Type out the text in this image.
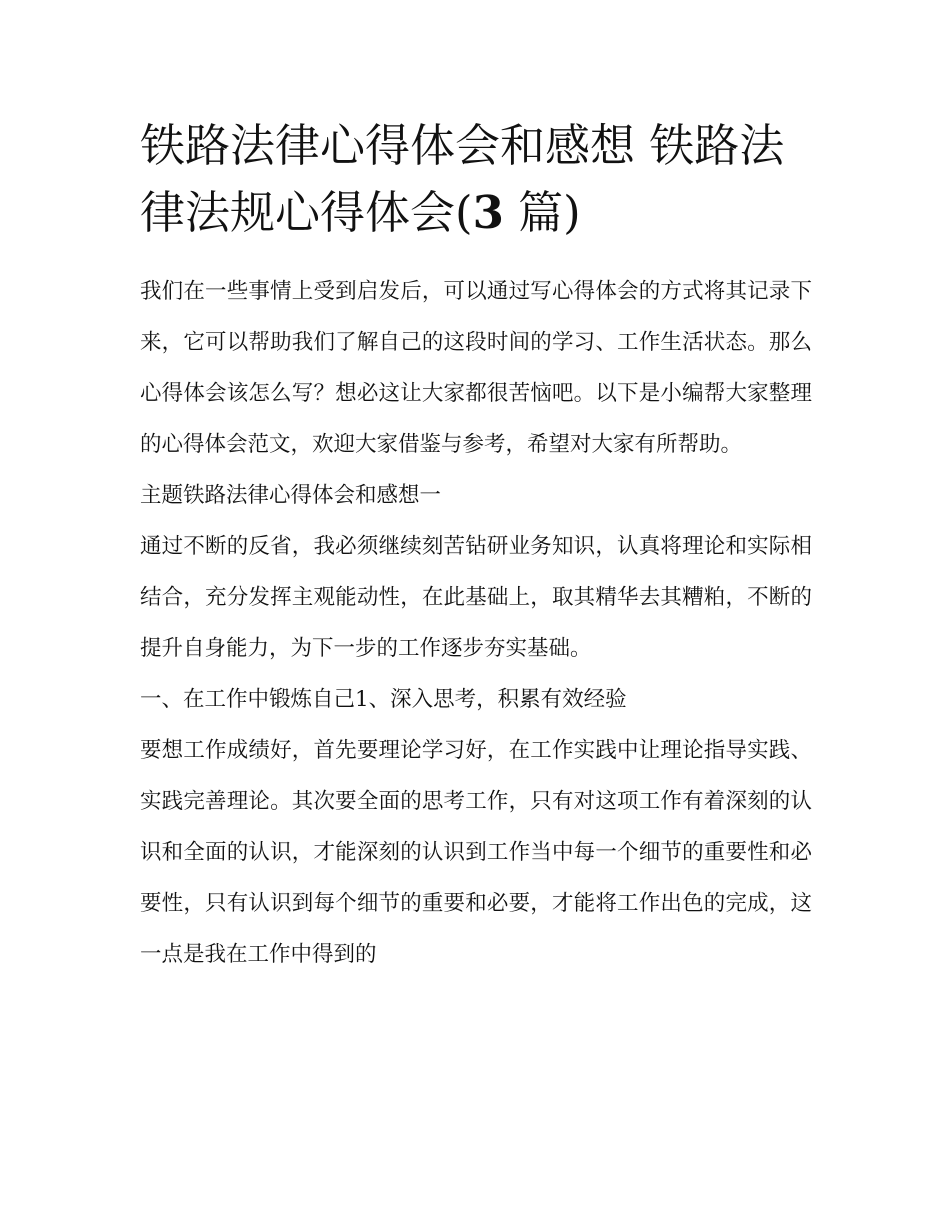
铁路法律心得体会和感想 铁路法律法规心得体会(3 篇)

我们在一些事情上受到启发后，可以通过写心得体会的方式将其记录下来，它可以帮助我们了解自己的这段时间的学习、工作生活状态。那么心得体会该怎么写？想必这让大家都很苦恼吧。以下是小编帮大家整理的心得体会范文，欢迎大家借鉴与参考，希望对大家有所帮助。

主题铁路法律心得体会和感想一

通过不断的反省，我必须继续刻苦钻研业务知识，认真将理论和实际相结合，充分发挥主观能动性，在此基础上，取其精华去其糟粕，不断的提升自身能力，为下一步的工作逐步夯实基础。

一、在工作中锻炼自己1、深入思考，积累有效经验

要想工作成绩好，首先要理论学习好，在工作实践中让理论指导实践、实践完善理论。其次要全面的思考工作，只有对这项工作有着深刻的认识和全面的认识，才能深刻的认识到工作当中每一个细节的重要性和必要性，只有认识到每个细节的重要和必要，才能将工作出色的完成，这一点是我在工作中得到的
